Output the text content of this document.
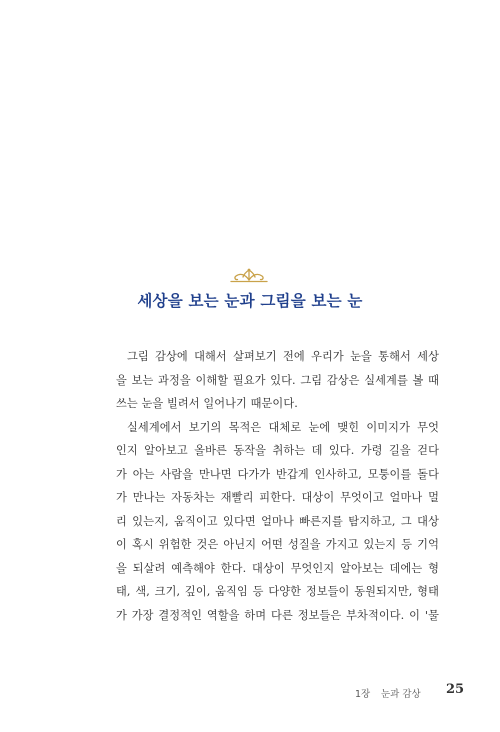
세상을 보는 눈과 그림을 보는 눈
그림 감상에 대해서 살펴보기 전에 우리가 눈을 통해서 세상
을 보는 과정을 이해할 필요가 있다. 그림 감상은 실세계를 볼 때
쓰는 눈을 빌려서 일어나기 때문이다.
실세계에서 보기의 목적은 대체로 눈에 맺힌 이미지가 무엇
인지 알아보고 올바른 동작을 취하는 데 있다. 가령 길을 걷다
가 아는 사람을 만나면 다가가 반갑게 인사하고, 모퉁이를 돌다
가 만나는 자동차는 재빨리 피한다. 대상이 무엇이고 얼마나 멀
리 있는지, 움직이고 있다면 얼마나 빠른지를 탐지하고, 그 대상
이 혹시 위험한 것은 아닌지 어떤 성질을 가지고 있는지 등 기억
을 되살려 예측해야 한다. 대상이 무엇인지 알아보는 데에는 형
태, 색, 크기, 깊이, 움직임 등 다양한 정보들이 동원되지만, 형태
가 가장 결정적인 역할을 하며 다른 정보들은 부차적이다. 이 '물
1장 눈과 감상 25
